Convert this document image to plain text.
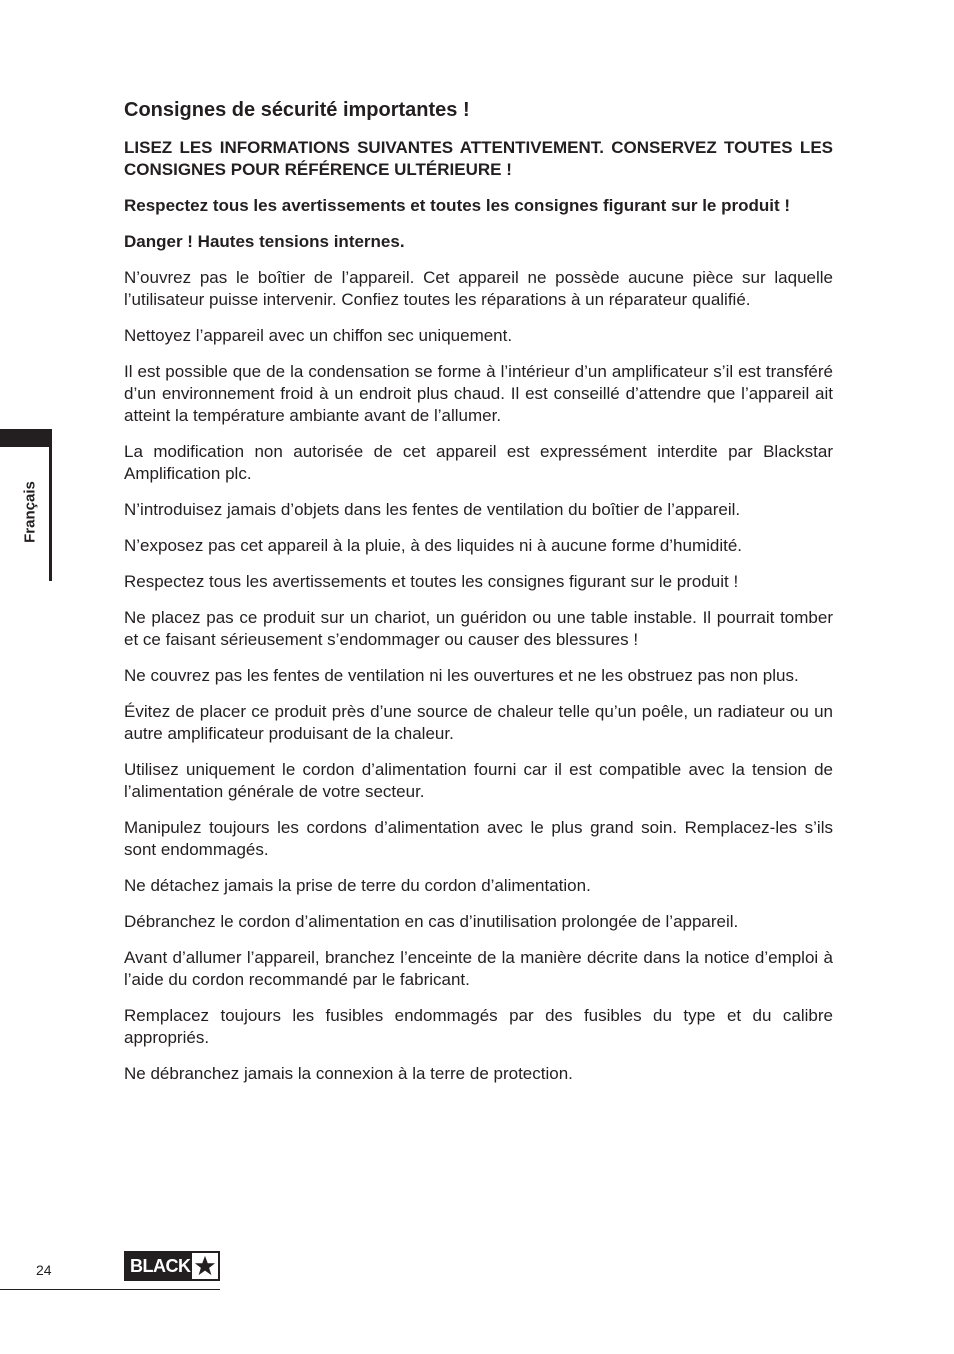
Français
Consignes de sécurité importantes !

LISEZ LES INFORMATIONS SUIVANTES ATTENTIVEMENT. CONSERVEZ TOUTES LES CONSIGNES POUR RÉFÉRENCE ULTÉRIEURE !

Respectez tous les avertissements et toutes les consignes figurant sur le produit !

Danger ! Hautes tensions internes.

N’ouvrez pas le boîtier de l’appareil. Cet appareil ne possède aucune pièce sur laquelle l’utilisateur puisse intervenir. Confiez toutes les réparations à un réparateur qualifié.

Nettoyez l’appareil avec un chiffon sec uniquement.

Il est possible que de la condensation se forme à l’intérieur d’un amplificateur s’il est transféré d’un environnement froid à un endroit plus chaud. Il est conseillé d’attendre que l’appareil ait atteint la température ambiante avant de l’allumer.

La modification non autorisée de cet appareil est expressément interdite par Blackstar Amplification plc.

N’introduisez jamais d’objets dans les fentes de ventilation du boîtier de l’appareil.

N’exposez pas cet appareil à la pluie, à des liquides ni à aucune forme d’humidité.

Respectez tous les avertissements et toutes les consignes figurant sur le produit !

Ne placez pas ce produit sur un chariot, un guéridon ou une table instable. Il pourrait tomber et ce faisant sérieusement s’endommager ou causer des blessures !

Ne couvrez pas les fentes de ventilation ni les ouvertures et ne les obstruez pas non plus.

Évitez de placer ce produit près d’une source de chaleur telle qu’un poêle, un radiateur ou un autre amplificateur produisant de la chaleur.

Utilisez uniquement le cordon d’alimentation fourni car il est compatible avec la tension de l’alimentation générale de votre secteur.

Manipulez toujours les cordons d’alimentation avec le plus grand soin. Remplacez-les s’ils sont endommagés.

Ne détachez jamais la prise de terre du cordon d’alimentation.

Débranchez le cordon d’alimentation en cas d’inutilisation prolongée de l’appareil.

Avant d’allumer l’appareil, branchez l’enceinte de la manière décrite dans la notice d’emploi à l’aide du cordon recommandé par le fabricant.

Remplacez toujours les fusibles endommagés par des fusibles du type et du calibre appropriés.

Ne débranchez jamais la connexion à la terre de protection.

24	BLACK
